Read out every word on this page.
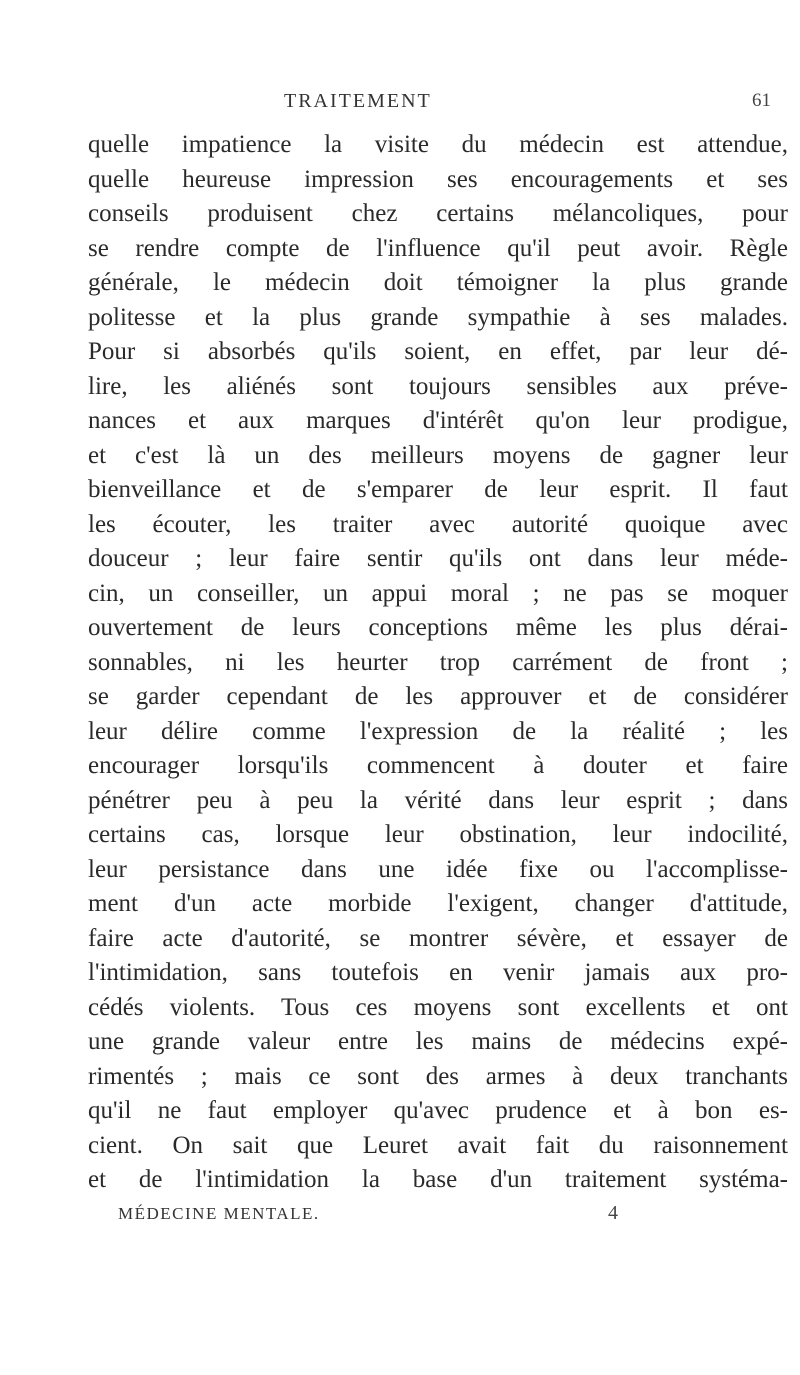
TRAITEMENT	61
quelle impatience la visite du médecin est attendue,
quelle heureuse impression ses encouragements et ses
conseils produisent chez certains mélancoliques, pour
se rendre compte de l'influence qu'il peut avoir. Règle
générale, le médecin doit témoigner la plus grande
politesse et la plus grande sympathie à ses malades.
Pour si absorbés qu'ils soient, en effet, par leur dé-
lire, les aliénés sont toujours sensibles aux préve-
nances et aux marques d'intérêt qu'on leur prodigue,
et c'est là un des meilleurs moyens de gagner leur
bienveillance et de s'emparer de leur esprit. Il faut
les écouter, les traiter avec autorité quoique avec
douceur ; leur faire sentir qu'ils ont dans leur méde-
cin, un conseiller, un appui moral ; ne pas se moquer
ouvertement de leurs conceptions même les plus dérai-
sonnables, ni les heurter trop carrément de front ;
se garder cependant de les approuver et de considérer
leur délire comme l'expression de la réalité ; les
encourager lorsqu'ils commencent à douter et faire
pénétrer peu à peu la vérité dans leur esprit ; dans
certains cas, lorsque leur obstination, leur indocilité,
leur persistance dans une idée fixe ou l'accomplisse-
ment d'un acte morbide l'exigent, changer d'attitude,
faire acte d'autorité, se montrer sévère, et essayer de
l'intimidation, sans toutefois en venir jamais aux pro-
cédés violents. Tous ces moyens sont excellents et ont
une grande valeur entre les mains de médecins expé-
rimentés ; mais ce sont des armes à deux tranchants
qu'il ne faut employer qu'avec prudence et à bon es-
cient. On sait que Leuret avait fait du raisonnement
et de l'intimidation la base d'un traitement systéma-
MÉDECINE MENTALE.	4
